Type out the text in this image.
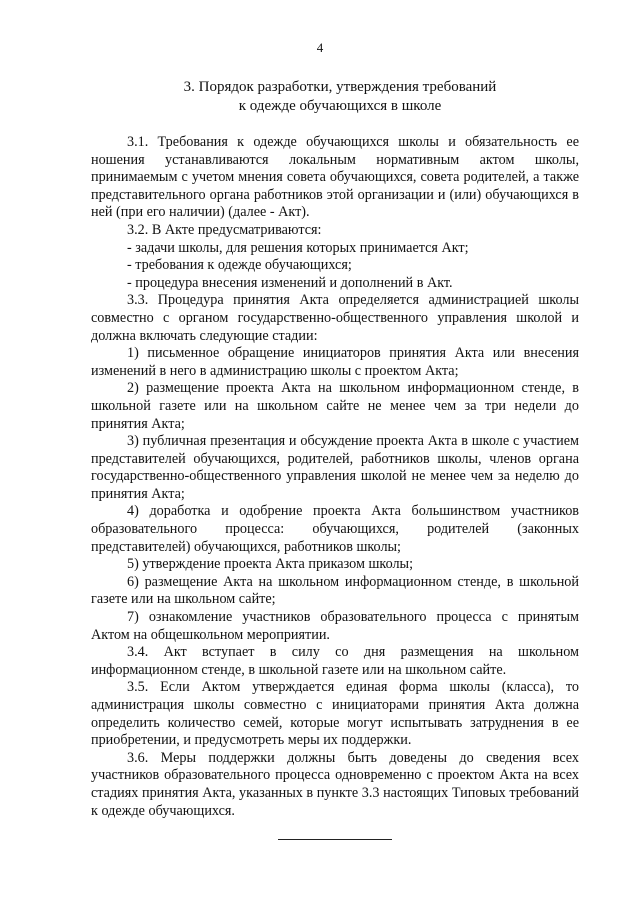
4
3. Порядок разработки, утверждения требований
к одежде обучающихся в школе

3.1. Требования к одежде обучающихся школы и обязательность ее ношения устанавливаются локальным нормативным актом школы, принимаемым с учетом мнения совета обучающихся, совета родителей, а также представительного органа работников этой организации и (или) обучающихся в ней (при его наличии) (далее - Акт).

3.2. В Акте предусматриваются:

- задачи школы, для решения которых принимается Акт;

- требования к одежде обучающихся;

- процедура внесения изменений и дополнений в Акт.

3.3. Процедура принятия Акта определяется администрацией школы совместно с органом государственно-общественного управления школой и должна включать следующие стадии:

1) письменное обращение инициаторов принятия Акта или внесения изменений в него в администрацию школы с проектом Акта;

2) размещение проекта Акта на школьном информационном стенде, в школьной газете или на школьном сайте не менее чем за три недели до принятия Акта;

3) публичная презентация и обсуждение проекта Акта в школе с участием представителей обучающихся, родителей, работников школы, членов органа государственно-общественного управления школой не менее чем за неделю до принятия Акта;

4) доработка и одобрение проекта Акта большинством участников образовательного процесса: обучающихся, родителей (законных представителей) обучающихся, работников школы;

5) утверждение проекта Акта приказом школы;

6) размещение Акта на школьном информационном стенде, в школьной газете или на школьном сайте;

7) ознакомление участников образовательного процесса с принятым Актом на общешкольном мероприятии.

3.4. Акт вступает в силу со дня размещения на школьном информационном стенде, в школьной газете или на школьном сайте.

3.5. Если Актом утверждается единая форма школы (класса), то администрация школы совместно с инициаторами принятия Акта должна определить количество семей, которые могут испытывать затруднения в ее приобретении, и предусмотреть меры их поддержки.

3.6. Меры поддержки должны быть доведены до сведения всех участников образовательного процесса одновременно с проектом Акта на всех стадиях принятия Акта, указанных в пункте 3.3 настоящих Типовых требований к одежде обучающихся.
